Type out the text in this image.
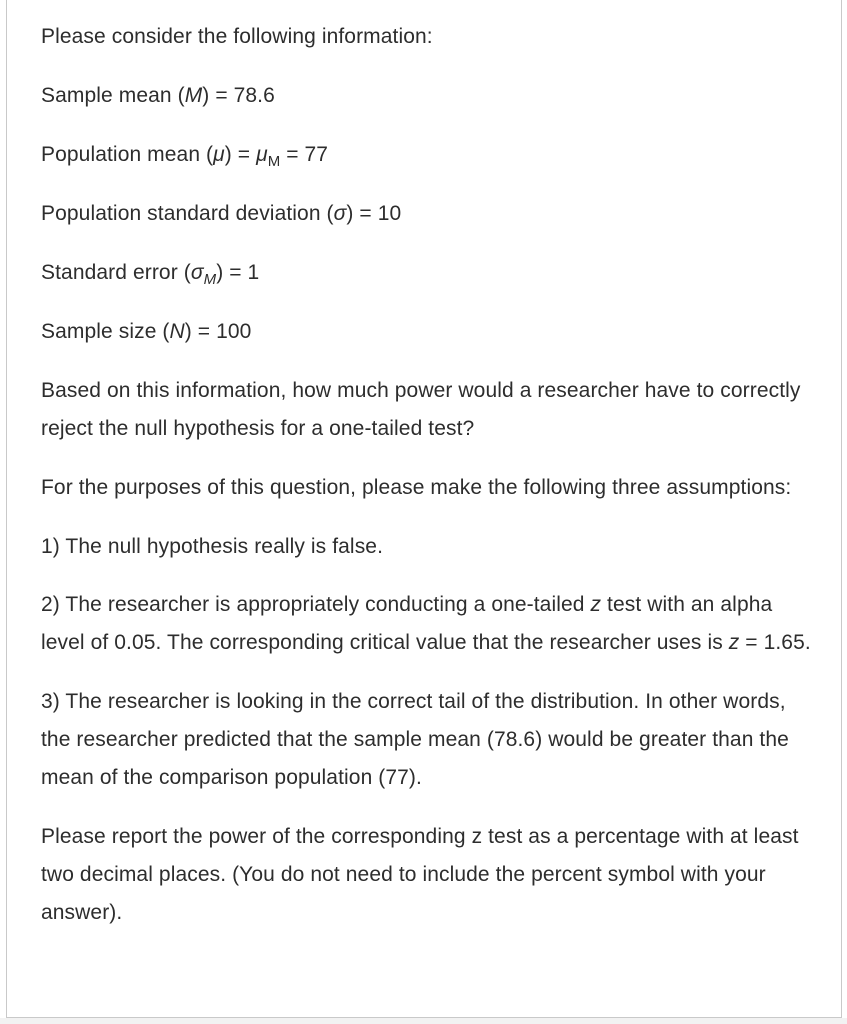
Please consider the following information:

Sample mean (M) = 78.6

Population mean $(\mu) = \mu_M = 77$

Population standard deviation (σ) = 10

Standard error $(\sigma_M) = 1$

Sample size (N) = 100

Based on this information, how much power would a researcher have to correctly reject the null hypothesis for a one-tailed test?

For the purposes of this question, please make the following three assumptions:

1) The null hypothesis really is false.

2) The researcher is appropriately conducting a one-tailed z test with an alpha level of 0.05. The corresponding critical value that the researcher uses is z = 1.65.

3) The researcher is looking in the correct tail of the distribution. In other words, the researcher predicted that the sample mean (78.6) would be greater than the mean of the comparison population (77).

Please report the power of the corresponding z test as a percentage with at least two decimal places. (You do not need to include the percent symbol with your answer).
